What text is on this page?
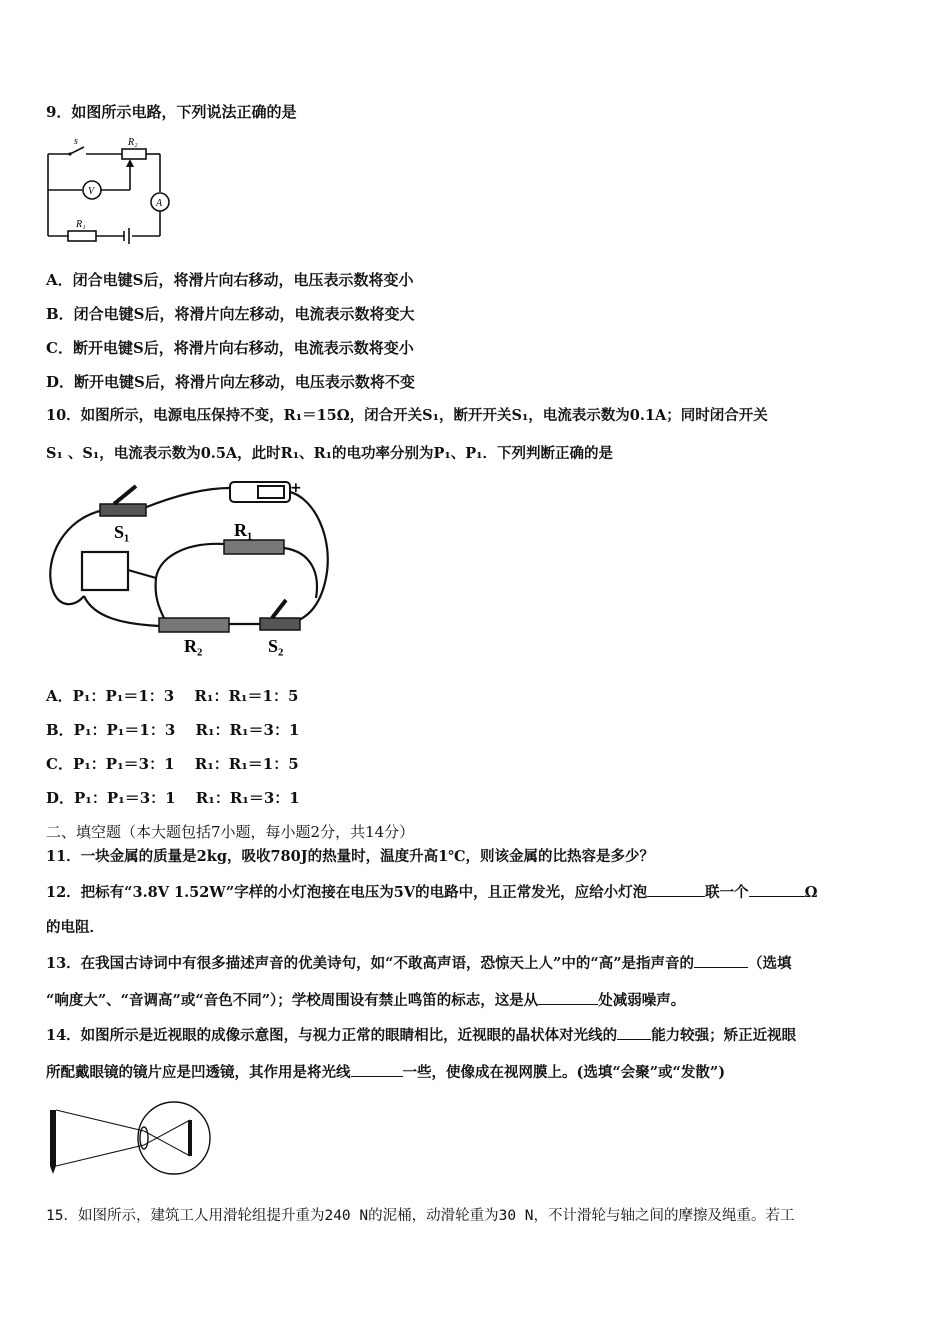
9．如图所示电路，下列说法正确的是
s	R₂
V
A
R₁
A．闭合电键S后，将滑片向右移动，电压表示数将变小
B．闭合电键S后，将滑片向左移动，电流表示数将变大
C．断开电键S后，将滑片向右移动，电流表示数将变小
D．断开电键S后，将滑片向左移动，电压表示数将不变
10．如图所示，电源电压保持不变，R₁＝15Ω，闭合开关S₁，断开开关S₁，电流表示数为0.1A；同时闭合开关
S₁ 、S₁，电流表示数为0.5A，此时R₁、R₁的电功率分别为P₁、P₁．下列判断正确的是
+
S₁	R₁
R₂	S₂
A．P₁：P₁＝1：3　 R₁：R₁＝1：5
B．P₁：P₁＝1：3　 R₁：R₁＝3：1
C．P₁：P₁＝3：1　 R₁：R₁＝1：5
D．P₁：P₁＝3：1　 R₁：R₁＝3：1
二、填空题（本大题包括7小题，每小题2分，共14分）
11．一块金属的质量是2kg，吸收780J的热量时，温度升高1℃，则该金属的比热容是多少？
12．把标有“3.8V 1.52W”字样的小灯泡接在电压为5V的电路中，且正常发光，应给小灯泡	联一个	Ω
的电阻．
13．在我国古诗词中有很多描述声音的优美诗句，如“不敢高声语，恐惊天上人”中的“高”是指声音的	（选填
“响度大”、“音调高”或“音色不同”）；学校周围设有禁止鸣笛的标志，这是从	处减弱噪声。
14．如图所示是近视眼的成像示意图，与视力正常的眼睛相比，近视眼的晶状体对光线的 能力较强；矫正近视眼
所配戴眼镜的镜片应是凹透镜，其作用是将光线	一些，使像成在视网膜上。(选填“会聚”或“发散”)
15．如图所示，建筑工人用滑轮组提升重为240 N的泥桶，动滑轮重为30 N，不计滑轮与轴之间的摩擦及绳重。若工
